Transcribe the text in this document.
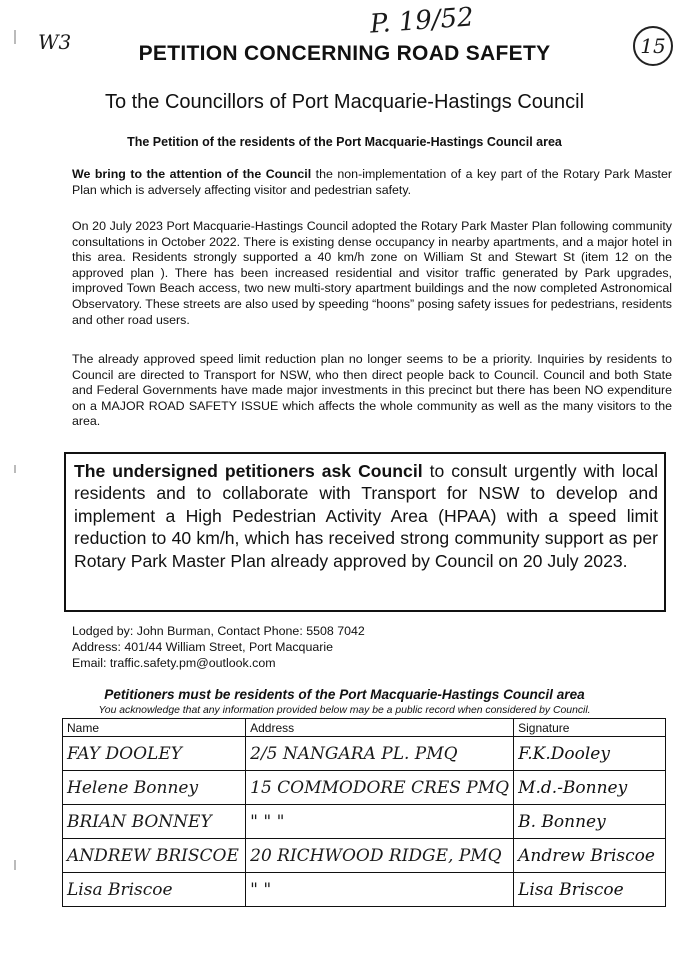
W3
P. 19/52
15
PETITION CONCERNING ROAD SAFETY
To the Councillors of Port Macquarie-Hastings Council
The Petition of the residents of the Port Macquarie-Hastings Council area
We bring to the attention of the Council the non-implementation of a key part of the Rotary Park Master Plan which is adversely affecting visitor and pedestrian safety.
On 20 July 2023 Port Macquarie-Hastings Council adopted the Rotary Park Master Plan following community consultations in October 2022. There is existing dense occupancy in nearby apartments, and a major hotel in this area. Residents strongly supported a 40 km/h zone on William St and Stewart St (item 12 on the approved plan ). There has been increased residential and visitor traffic generated by Park upgrades, improved Town Beach access, two new multi-story apartment buildings and the now completed Astronomical Observatory. These streets are also used by speeding “hoons” posing safety issues for pedestrians, residents and other road users.
The already approved speed limit reduction plan no longer seems to be a priority. Inquiries by residents to Council are directed to Transport for NSW, who then direct people back to Council. Council and both State and Federal Governments have made major investments in this precinct but there has been NO expenditure on a MAJOR ROAD SAFETY ISSUE which affects the whole community as well as the many visitors to the area.
The undersigned petitioners ask Council to consult urgently with local residents and to collaborate with Transport for NSW to develop and implement a High Pedestrian Activity Area (HPAA) with a speed limit reduction to 40 km/h, which has received strong community support as per Rotary Park Master Plan already approved by Council on 20 July 2023.
Lodged by: John Burman, Contact Phone: 5508 7042
Address: 401/44 William Street, Port Macquarie
Email: traffic.safety.pm@outlook.com
Petitioners must be residents of the Port Macquarie-Hastings Council area
You acknowledge that any information provided below may be a public record when considered by Council.
Name	Address	Signature
FAY DOOLEY	2/5 NANGARA PL. PMQ	F.K.Dooley
Helene Bonney	15 COMMODORE CRES PMQ	M.d.-Bonney
BRIAN BONNEY	" " "	B. Bonney
ANDREW BRISCOE	20 RICHWOOD RIDGE, PMQ	Andrew Briscoe
Lisa Briscoe	" "	Lisa Briscoe
